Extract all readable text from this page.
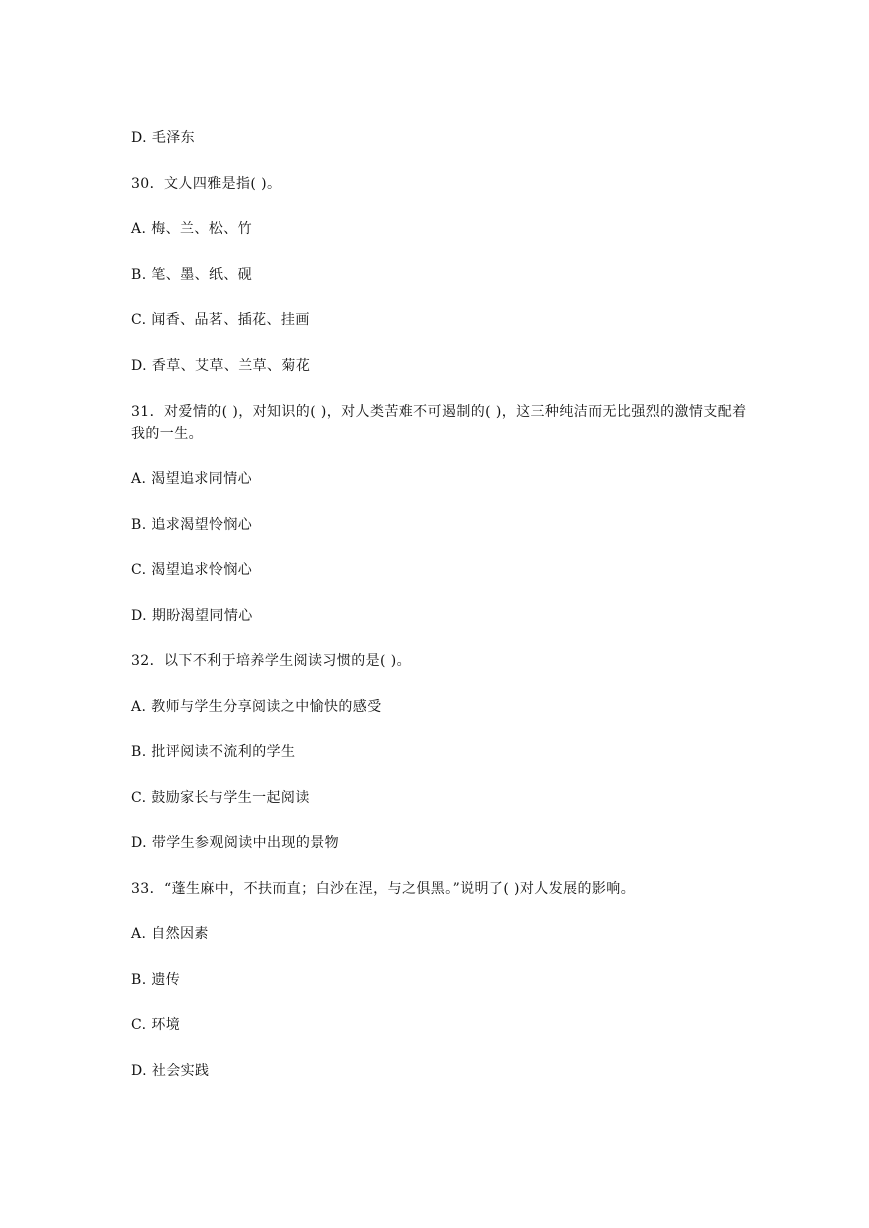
D. 毛泽东
30．文人四雅是指( )。
A. 梅、兰、松、竹
B. 笔、墨、纸、砚
C. 闻香、品茗、插花、挂画
D. 香草、艾草、兰草、菊花
31．对爱情的( )，对知识的( )，对人类苦难不可遏制的( )，这三种纯洁而无比强烈的激情支配着我的一生。
A. 渴望追求同情心
B. 追求渴望怜悯心
C. 渴望追求怜悯心
D. 期盼渴望同情心
32．以下不利于培养学生阅读习惯的是( )。
A. 教师与学生分享阅读之中愉快的感受
B. 批评阅读不流利的学生
C. 鼓励家长与学生一起阅读
D. 带学生参观阅读中出现的景物
33．“蓬生麻中，不扶而直；白沙在涅，与之俱黑。”说明了( )对人发展的影响。
A. 自然因素
B. 遗传
C. 环境
D. 社会实践
